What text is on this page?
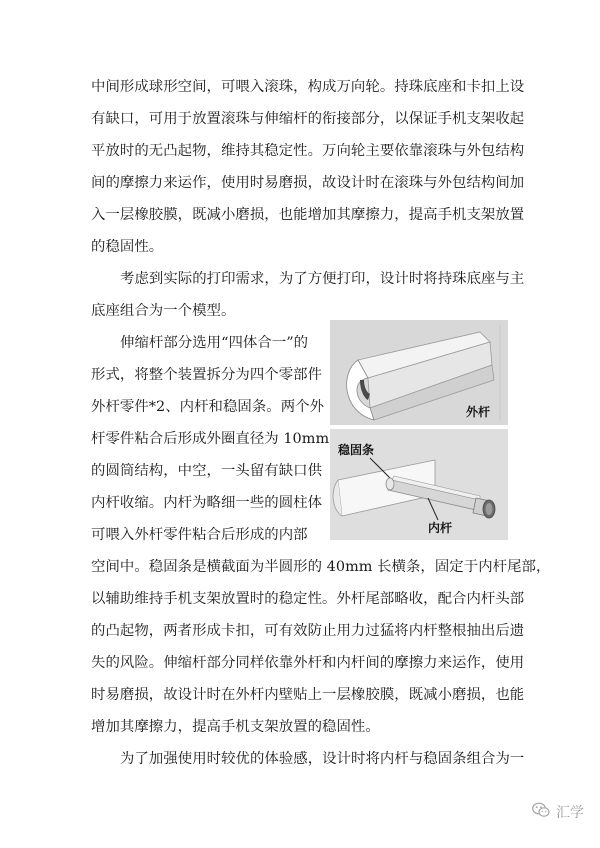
中间形成球形空间，可喂入滚珠，构成万向轮。持珠底座和卡扣上设
有缺口，可用于放置滚珠与伸缩杆的衔接部分，以保证手机支架收起
平放时的无凸起物，维持其稳定性。万向轮主要依靠滚珠与外包结构
间的摩擦力来运作，使用时易磨损，故设计时在滚珠与外包结构间加
入一层橡胶膜，既减小磨损，也能增加其摩擦力，提高手机支架放置
的稳固性。
考虑到实际的打印需求，为了方便打印，设计时将持珠底座与主
底座组合为一个模型。
伸缩杆部分选用“四体合一”的
形式，将整个装置拆分为四个零部件
外杆零件*2、内杆和稳固条。两个外
杆零件粘合后形成外圈直径为 10mm
的圆筒结构，中空，一头留有缺口供
内杆收缩。内杆为略细一些的圆柱体
可喂入外杆零件粘合后形成的内部
空间中。稳固条是横截面为半圆形的 40mm 长横条，固定于内杆尾部，
以辅助维持手机支架放置时的稳定性。外杆尾部略收，配合内杆头部
的凸起物，两者形成卡扣，可有效防止用力过猛将内杆整根抽出后遗
失的风险。伸缩杆部分同样依靠外杆和内杆间的摩擦力来运作，使用
时易磨损，故设计时在外杆内壁贴上一层橡胶膜，既减小磨损，也能
增加其摩擦力，提高手机支架放置的稳固性。
为了加强使用时较优的体验感，设计时将内杆与稳固条组合为一
外杆
稳固条
内杆
汇学
